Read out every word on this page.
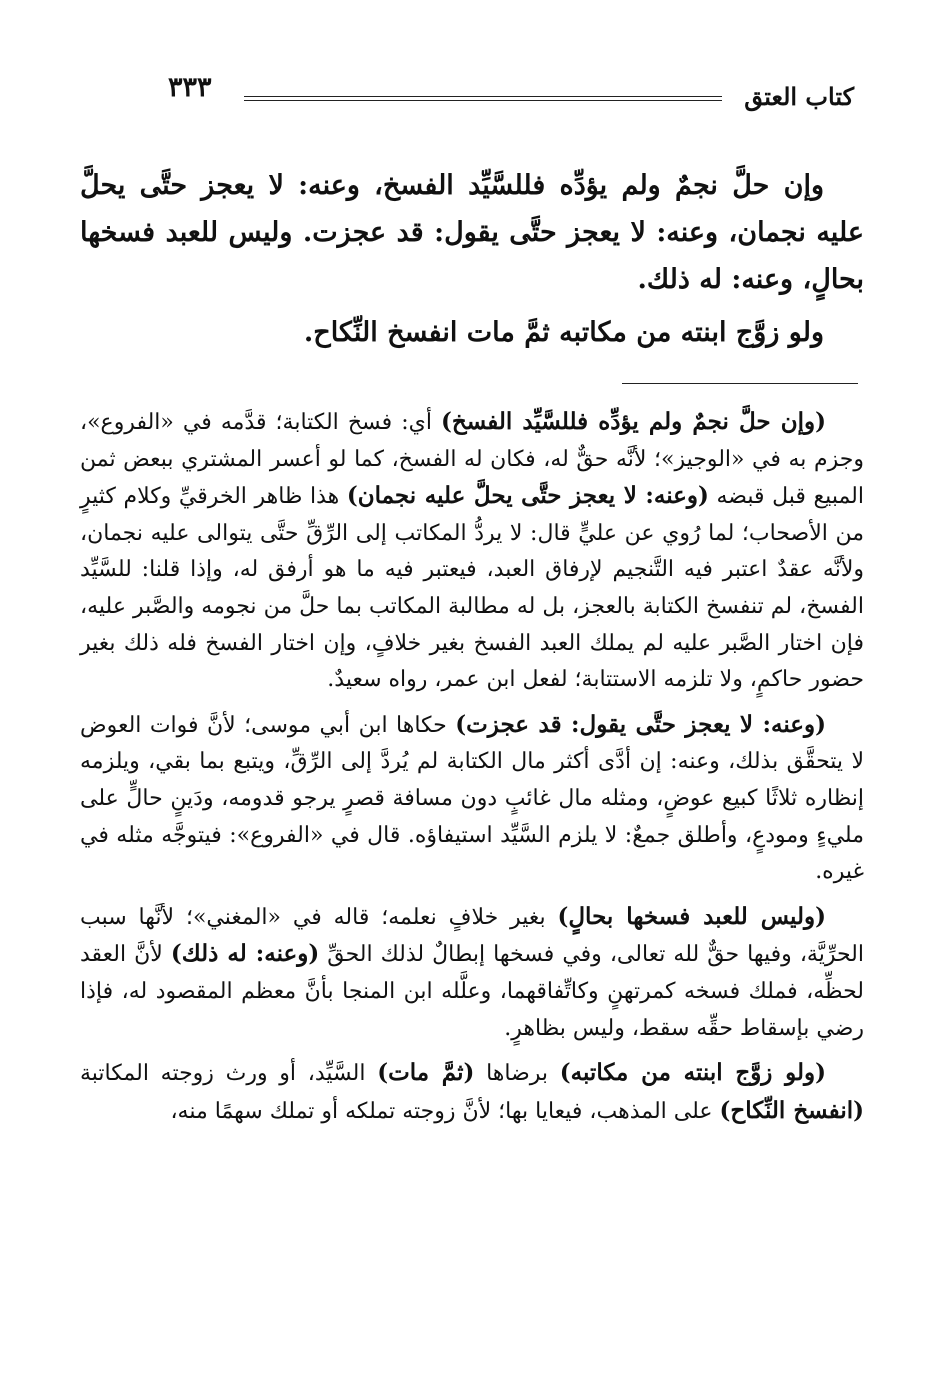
٣٣٣	كتاب العتق

وإن حلَّ نجمٌ ولم يؤدِّه فللسَّيِّد الفسخ، وعنه: لا يعجز حتَّى يحلَّ عليه نجمان، وعنه: لا يعجز حتَّى يقول: قد عجزت. وليس للعبد فسخها بحالٍ، وعنه: له ذلك.

ولو زوَّج ابنته من مكاتبه ثمَّ مات انفسخ النِّكاح.

(وإن حلَّ نجمٌ ولم يؤدِّه فللسَّيِّد الفسخ) أي: فسخ الكتابة؛ قدَّمه في «الفروع»، وجزم به في «الوجيز»؛ لأنَّه حقٌّ له، فكان له الفسخ، كما لو أعسر المشتري ببعض ثمن المبيع قبل قبضه (وعنه: لا يعجز حتَّى يحلَّ عليه نجمان) هذا ظاهر الخرقيِّ وكلام كثيرٍ من الأصحاب؛ لما رُوي عن عليٍّ قال: لا يردُّ المكاتب إلى الرِّقِّ حتَّى يتوالى عليه نجمان، ولأنَّه عقدٌ اعتبر فيه التَّنجيم لإرفاق العبد، فيعتبر فيه ما هو أرفق له، وإذا قلنا: للسَّيِّد الفسخ، لم تنفسخ الكتابة بالعجز، بل له مطالبة المكاتب بما حلَّ من نجومه والصَّبر عليه، فإن اختار الصَّبر عليه لم يملك العبد الفسخ بغير خلافٍ، وإن اختار الفسخ فله ذلك بغير حضور حاكمٍ، ولا تلزمه الاستتابة؛ لفعل ابن عمر، رواه سعيدٌ.

(وعنه: لا يعجز حتَّى يقول: قد عجزت) حكاها ابن أبي موسى؛ لأنَّ فوات العوض لا يتحقَّق بذلك، وعنه: إن أدَّى أكثر مال الكتابة لم يُردَّ إلى الرِّقِّ، ويتبع بما بقي، ويلزمه إنظاره ثلاثًا كبيع عوضٍ، ومثله مال غائبٍ دون مسافة قصرٍ يرجو قدومه، ودَينٍ حالٍّ على مليءٍ ومودعٍ، وأطلق جمعٌ: لا يلزم السَّيِّد استيفاؤه. قال في «الفروع»: فيتوجَّه مثله في غيره.

(وليس للعبد فسخها بحالٍ) بغير خلافٍ نعلمه؛ قاله في «المغني»؛ لأنَّها سبب الحرِّيَّة، وفيها حقٌّ لله تعالى، وفي فسخها إبطالٌ لذلك الحقِّ (وعنه: له ذلك) لأنَّ العقد لحظِّه، فملك فسخه كمرتهنٍ وكاتِّفاقهما، وعلَّله ابن المنجا بأنَّ معظم المقصود له، فإذا رضي بإسقاط حقِّه سقط، وليس بظاهرٍ.

(ولو زوَّج ابنته من مكاتبه) برضاها (ثمَّ مات) السَّيِّد، أو ورث زوجته المكاتبة (انفسخ النِّكاح) على المذهب، فيعايا بها؛ لأنَّ زوجته تملكه أو تملك سهمًا منه،
